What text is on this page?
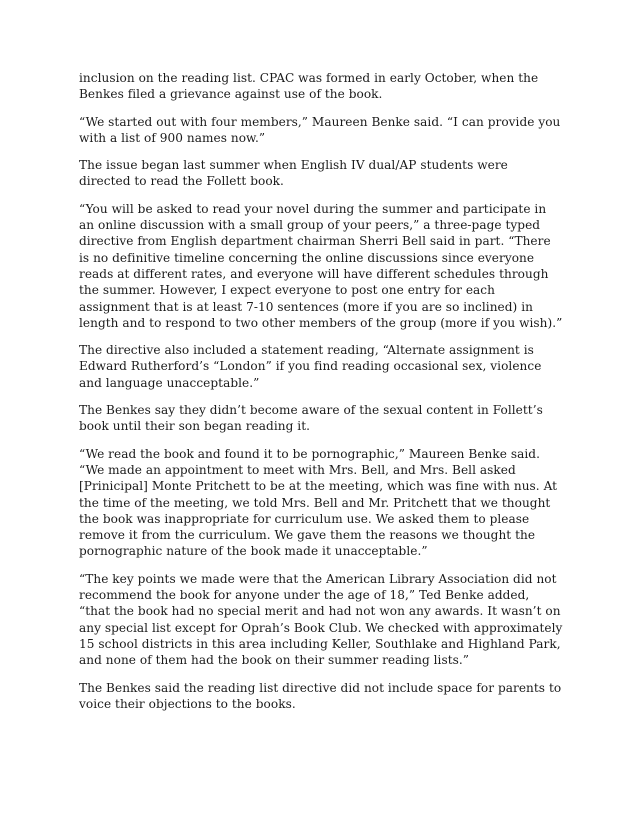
inclusion on the reading list. CPAC was formed in early October, when the Benkes filed a grievance against use of the book.

“We started out with four members,” Maureen Benke said. “I can provide you with a list of 900 names now.”

The issue began last summer when English IV dual/AP students were directed to read the Follett book.

“You will be asked to read your novel during the summer and participate in an online discussion with a small group of your peers,” a three-page typed directive from English department chairman Sherri Bell said in part. “There is no definitive timeline concerning the online discussions since everyone reads at different rates, and everyone will have different schedules through the summer. However, I expect everyone to post one entry for each assignment that is at least 7-10 sentences (more if you are so inclined) in length and to respond to two other members of the group (more if you wish).”

The directive also included a statement reading, “Alternate assignment is Edward Rutherford’s “London” if you find reading occasional sex, violence and language unacceptable.”

The Benkes say they didn’t become aware of the sexual content in Follett’s book until their son began reading it.

“We read the book and found it to be pornographic,” Maureen Benke said. “We made an appointment to meet with Mrs. Bell, and Mrs. Bell asked [Prinicipal] Monte Pritchett to be at the meeting, which was fine with nus. At the time of the meeting, we told Mrs. Bell and Mr. Pritchett that we thought the book was inappropriate for curriculum use. We asked them to please remove it from the curriculum. We gave them the reasons we thought the pornographic nature of the book made it unacceptable.”

“The key points we made were that the American Library Association did not recommend the book for anyone under the age of 18,” Ted Benke added, “that the book had no special merit and had not won any awards. It wasn’t on any special list except for Oprah’s Book Club. We checked with approximately 15 school districts in this area including Keller, Southlake and Highland Park, and none of them had the book on their summer reading lists.”

The Benkes said the reading list directive did not include space for parents to voice their objections to the books.
